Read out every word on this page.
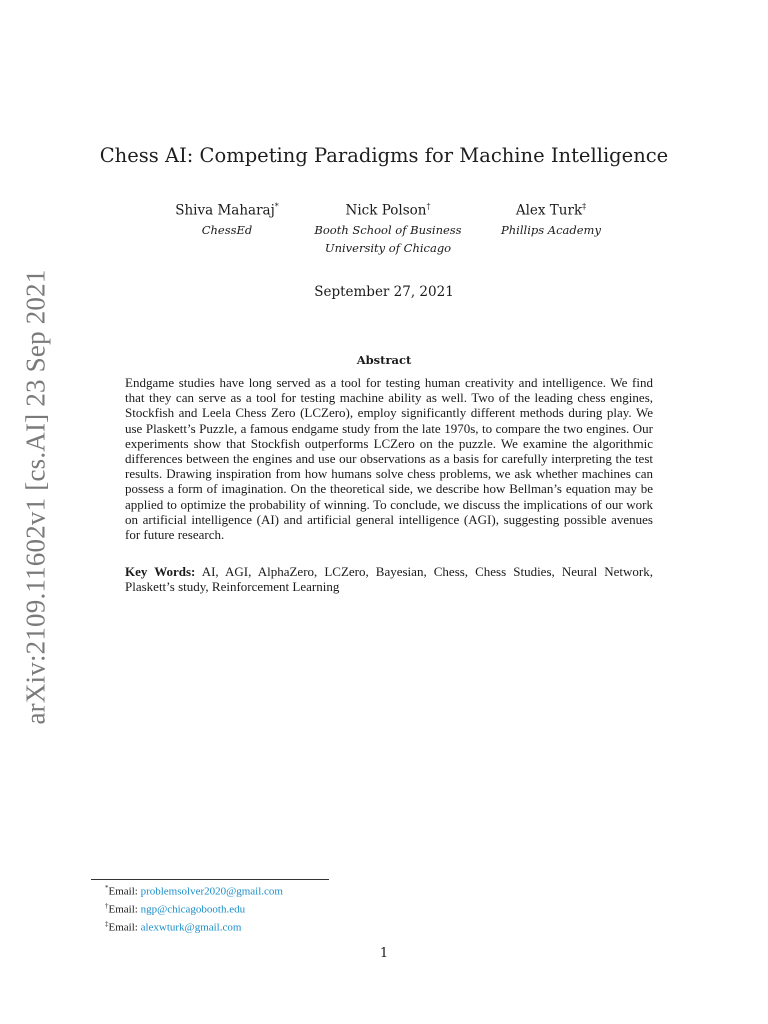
arXiv:2109.11602v1 [cs.AI] 23 Sep 2021
Chess AI: Competing Paradigms for Machine Intelligence
Shiva Maharaj*
ChessEd
Nick Polson†
Booth School of Business
University of Chicago
Alex Turk‡
Phillips Academy
September 27, 2021
Abstract

Endgame studies have long served as a tool for testing human creativity and intelligence. We find that they can serve as a tool for testing machine ability as well. Two of the leading chess engines, Stockfish and Leela Chess Zero (LCZero), employ significantly different methods during play. We use Plaskett’s Puzzle, a famous endgame study from the late 1970s, to compare the two engines. Our experiments show that Stockfish outperforms LCZero on the puzzle. We examine the algorithmic differences between the engines and use our observations as a basis for carefully interpreting the test results. Drawing inspiration from how humans solve chess problems, we ask whether machines can possess a form of imagination. On the theoretical side, we describe how Bellman’s equation may be applied to optimize the probability of winning. To conclude, we discuss the implications of our work on artificial intelligence (AI) and artificial general intelligence (AGI), suggesting possible avenues for future research.

Key Words: AI, AGI, AlphaZero, LCZero, Bayesian, Chess, Chess Studies, Neural Network, Plaskett’s study, Reinforcement Learning

*Email: problemsolver2020@gmail.com
†Email: ngp@chicagobooth.edu
‡Email: alexwturk@gmail.com
1
